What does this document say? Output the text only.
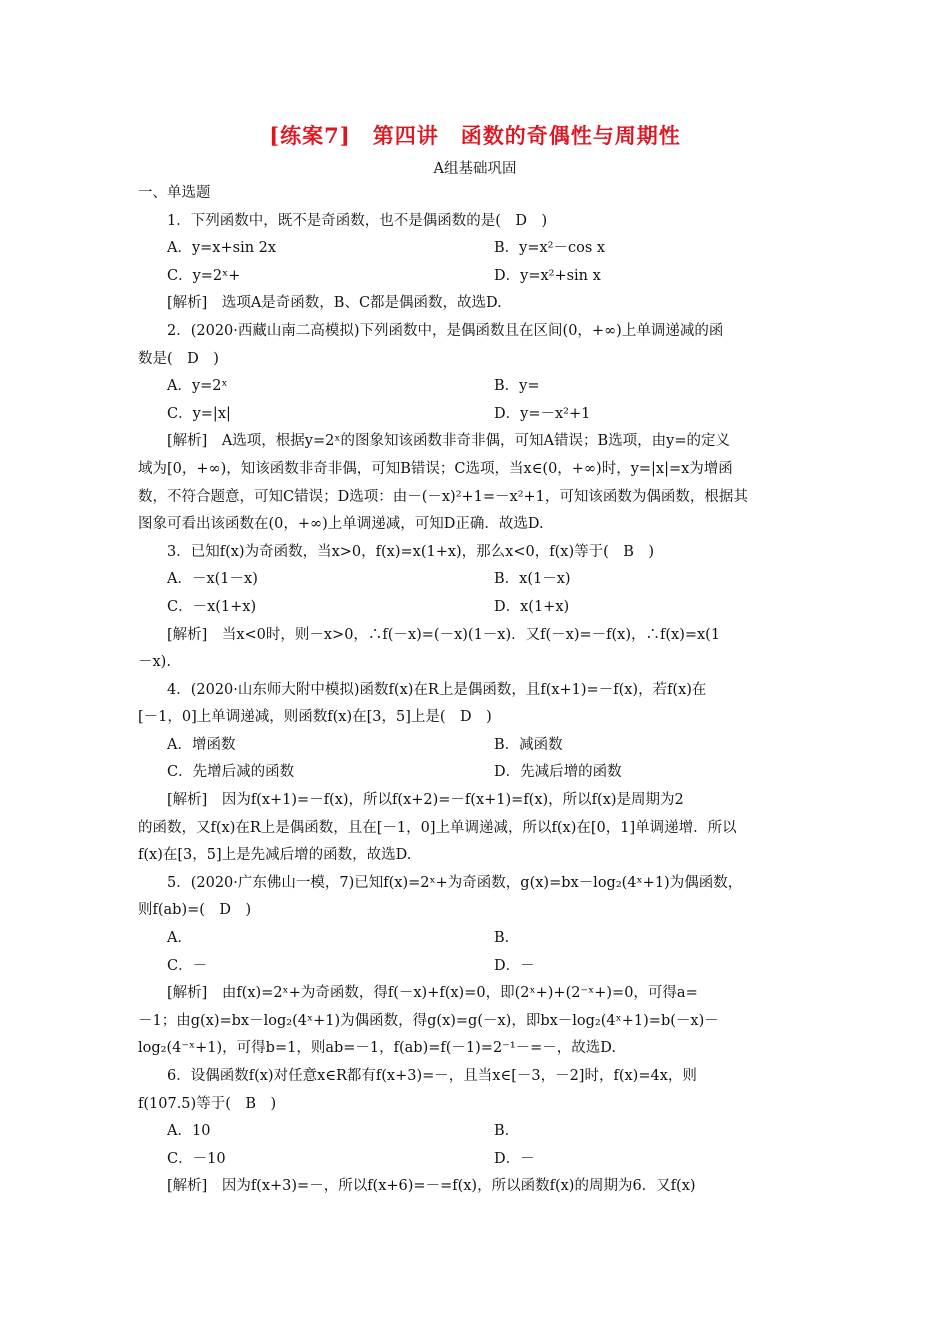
[练案7]　第四讲　函数的奇偶性与周期性
A组基础巩固
一、单选题
1．下列函数中，既不是奇函数，也不是偶函数的是(　D　)
A．y=x+sin 2x	B．y=x²－cos x
C．y=2ˣ+	D．y=x²+sin x
[解析]　选项A是奇函数，B、C都是偶函数，故选D.
2．(2020·西藏山南二高模拟)下列函数中，是偶函数且在区间(0，+∞)上单调递减的函
数是(　D　)
A．y=2ˣ	B．y=
C．y=|x|	D．y=－x²+1
[解析]　A选项，根据y=2ˣ的图象知该函数非奇非偶，可知A错误；B选项，由y=的定义
域为[0，+∞)，知该函数非奇非偶，可知B错误；C选项，当x∈(0，+∞)时，y=|x|=x为增函
数，不符合题意，可知C错误；D选项：由－(－x)²+1=－x²+1，可知该函数为偶函数，根据其
图象可看出该函数在(0，+∞)上单调递减，可知D正确．故选D.
3．已知f(x)为奇函数，当x>0，f(x)=x(1+x)，那么x<0，f(x)等于(　B　)
A．－x(1－x)	B．x(1－x)
C．－x(1+x)	D．x(1+x)
[解析]　当x<0时，则－x>0，∴f(－x)=(－x)(1－x)．又f(－x)=－f(x)，∴f(x)=x(1
－x).
4．(2020·山东师大附中模拟)函数f(x)在R上是偶函数，且f(x+1)=－f(x)，若f(x)在
[－1，0]上单调递减，则函数f(x)在[3，5]上是(　D　)
A．增函数	B．减函数
C．先增后减的函数	D．先减后增的函数
[解析]　因为f(x+1)=－f(x)，所以f(x+2)=－f(x+1)=f(x)，所以f(x)是周期为2
的函数，又f(x)在R上是偶函数，且在[－1，0]上单调递减，所以f(x)在[0，1]单调递增．所以
f(x)在[3，5]上是先减后增的函数，故选D.
5．(2020·广东佛山一模，7)已知f(x)=2ˣ+为奇函数，g(x)=bx－log₂(4ˣ+1)为偶函数，
则f(ab)=(　D　)
A．	B．
C．－	D．－
[解析]　由f(x)=2ˣ+为奇函数，得f(－x)+f(x)=0，即(2ˣ+)+(2⁻ˣ+)=0，可得a=
－1；由g(x)=bx－log₂(4ˣ+1)为偶函数，得g(x)=g(－x)，即bx－log₂(4ˣ+1)=b(－x)－
log₂(4⁻ˣ+1)，可得b=1，则ab=－1，f(ab)=f(－1)=2⁻¹－=－，故选D.
6．设偶函数f(x)对任意x∈R都有f(x+3)=－，且当x∈[－3，－2]时，f(x)=4x，则
f(107.5)等于(　B　)
A．10	B．
C．－10	D．－
[解析]　因为f(x+3)=－，所以f(x+6)=－=f(x)，所以函数f(x)的周期为6．又f(x)
